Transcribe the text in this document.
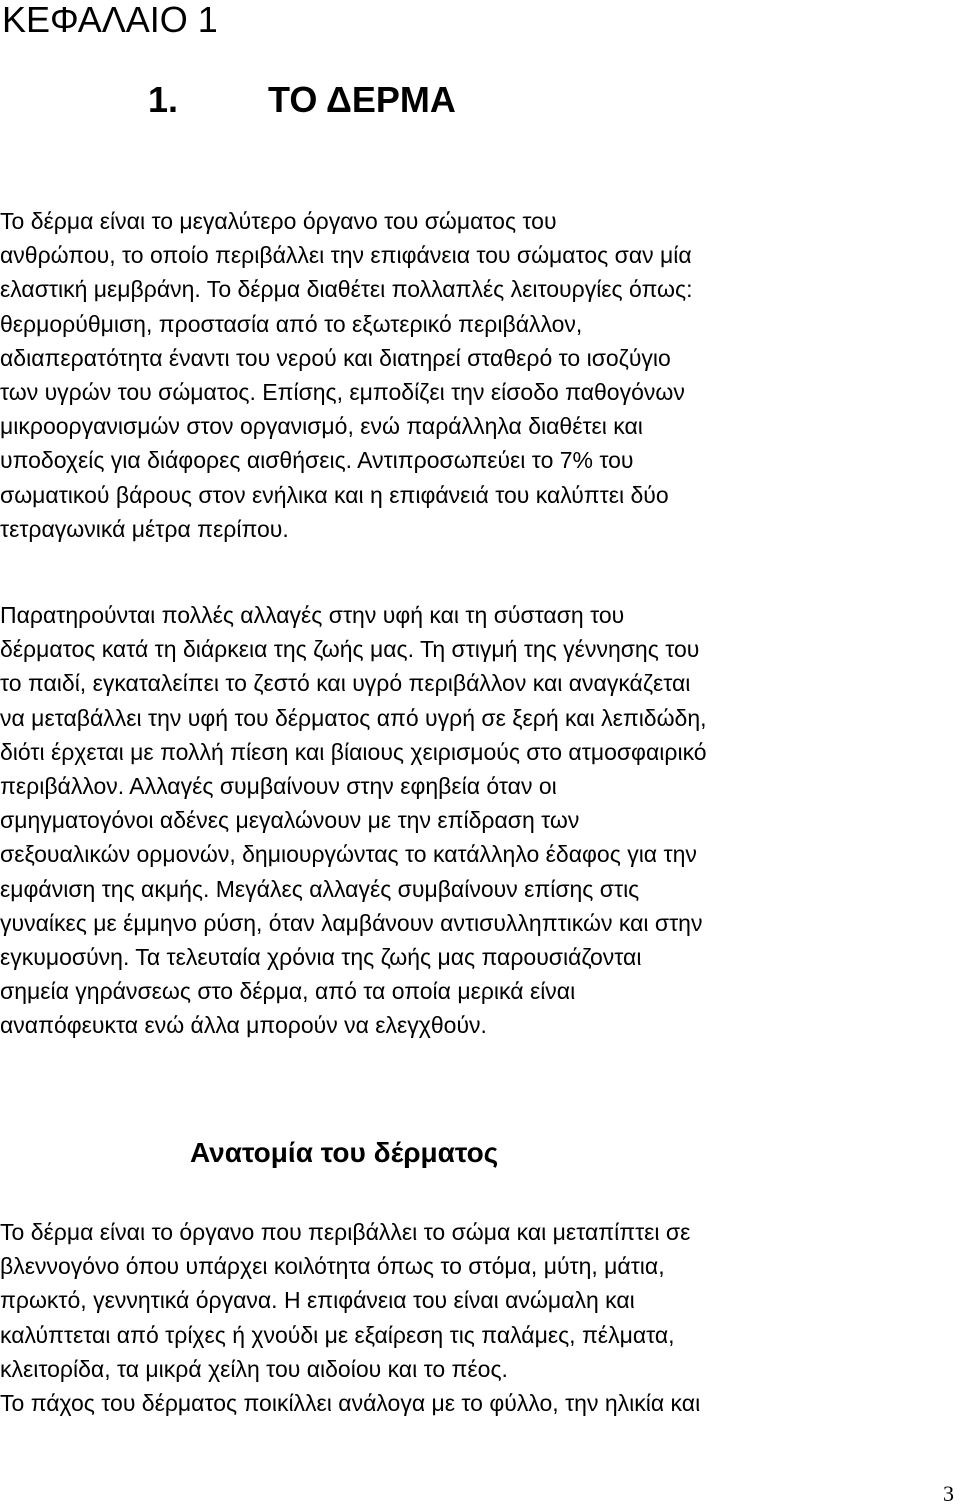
ΚΕΦΑΛΑΙΟ 1
1. ΤΟ ΔΕΡΜΑ

Το δέρμα είναι το μεγαλύτερο όργανο του σώματος του
ανθρώπου, το οποίο περιβάλλει την επιφάνεια του σώματος σαν μία
ελαστική μεμβράνη. Το δέρμα διαθέτει πολλαπλές λειτουργίες όπως:
θερμορύθμιση, προστασία από το εξωτερικό περιβάλλον,
αδιαπερατότητα έναντι του νερού και διατηρεί σταθερό το ισοζύγιο
των υγρών του σώματος. Επίσης, εμποδίζει την είσοδο παθογόνων
μικροοργανισμών στον οργανισμό, ενώ παράλληλα διαθέτει και
υποδοχείς για διάφορες αισθήσεις. Αντιπροσωπεύει το 7% του
σωματικού βάρους στον ενήλικα και η επιφάνειά του καλύπτει δύο
τετραγωνικά μέτρα περίπου.

Παρατηρούνται πολλές αλλαγές στην υφή και τη σύσταση του
δέρματος κατά τη διάρκεια της ζωής μας. Τη στιγμή της γέννησης του
το παιδί, εγκαταλείπει το ζεστό και υγρό περιβάλλον και αναγκάζεται
να μεταβάλλει την υφή του δέρματος από υγρή σε ξερή και λεπιδώδη,
διότι έρχεται με πολλή πίεση και βίαιους χειρισμούς στο ατμοσφαιρικό
περιβάλλον. Αλλαγές συμβαίνουν στην εφηβεία όταν οι
σμηγματογόνοι αδένες μεγαλώνουν με την επίδραση των
σεξουαλικών ορμονών, δημιουργώντας το κατάλληλο έδαφος για την
εμφάνιση της ακμής. Μεγάλες αλλαγές συμβαίνουν επίσης στις
γυναίκες με έμμηνο ρύση, όταν λαμβάνουν αντισυλληπτικών και στην
εγκυμοσύνη. Τα τελευταία χρόνια της ζωής μας παρουσιάζονται
σημεία γηράνσεως στο δέρμα, από τα οποία μερικά είναι
αναπόφευκτα ενώ άλλα μπορούν να ελεγχθούν.

Ανατομία του δέρματος

Το δέρμα είναι το όργανο που περιβάλλει το σώμα και μεταπίπτει σε
βλεννογόνο όπου υπάρχει κοιλότητα όπως το στόμα, μύτη, μάτια,
πρωκτό, γεννητικά όργανα. Η επιφάνεια του είναι ανώμαλη και
καλύπτεται από τρίχες ή χνούδι με εξαίρεση τις παλάμες, πέλματα,
κλειτορίδα, τα μικρά χείλη του αιδοίου και το πέος.
Το πάχος του δέρματος ποικίλλει ανάλογα με το φύλλο, την ηλικία και

3
